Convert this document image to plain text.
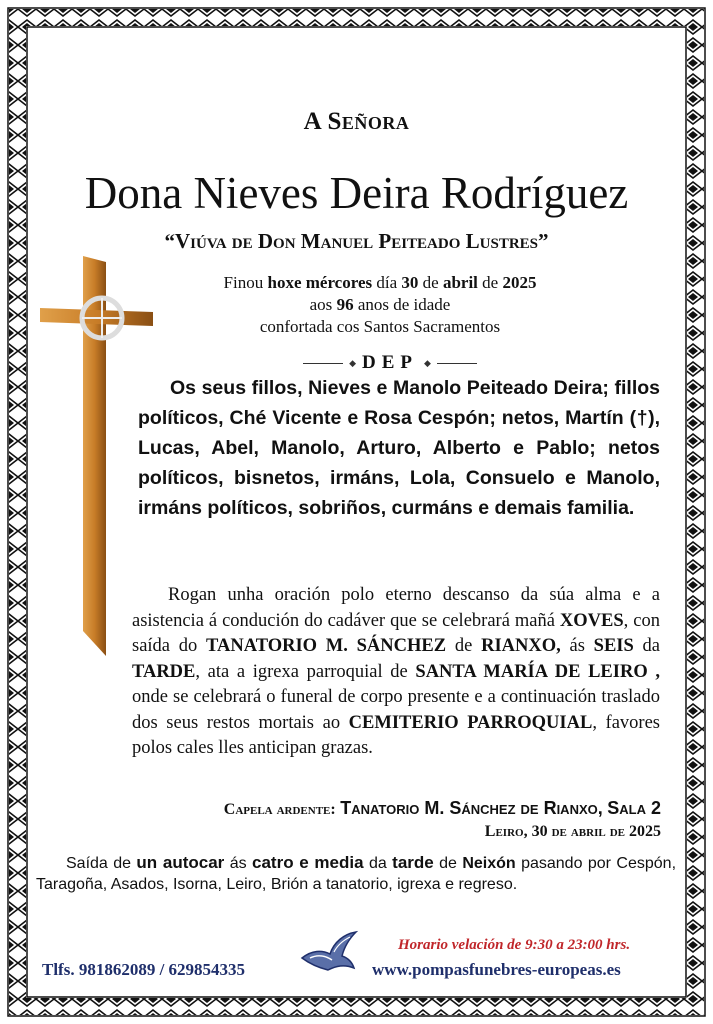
A Señora
Dona Nieves Deira Rodríguez
“Viúva de Don Manuel Peiteado Lustres”
Finou hoxe mércores día 30 de abril de 2025
aos 96 anos de idade
confortada cos Santos Sacramentos
◆ DEP ◆
Os seus fillos, Nieves e Manolo Peiteado Deira; fillos políticos, Ché Vicente e Rosa Cespón; netos, Martín (†), Lucas, Abel, Manolo, Arturo, Alberto e Pablo; netos políticos, bisnetos, irmáns, Lola, Consuelo e Manolo, irmáns políticos, sobriños, curmáns e demais familia.
Rogan unha oración polo eterno descanso da súa alma e a asistencia á condución do cadáver que se celebrará mañá XOVES, con saída do TANATORIO M. SÁNCHEZ de RIANXO, ás SEIS da TARDE, ata a igrexa parroquial de SANTA MARÍA DE LEIRO , onde se celebrará o funeral de corpo presente e a continuación traslado dos seus restos mortais ao CEMITERIO PARROQUIAL, favores polos cales lles anticipan grazas.
Capela ardente: Tanatorio M. Sánchez de Rianxo, Sala 2
Leiro, 30 de abril de 2025
Saída de un autocar ás catro e media da tarde de Neixón pasando por Cespón, Taragoña, Asados, Isorna, Leiro, Brión a tanatorio, igrexa e regreso.
Horario velación de 9:30 a 23:00 hrs.
Tlfs. 981862089 / 629854335	www.pompasfunebres-europeas.es
